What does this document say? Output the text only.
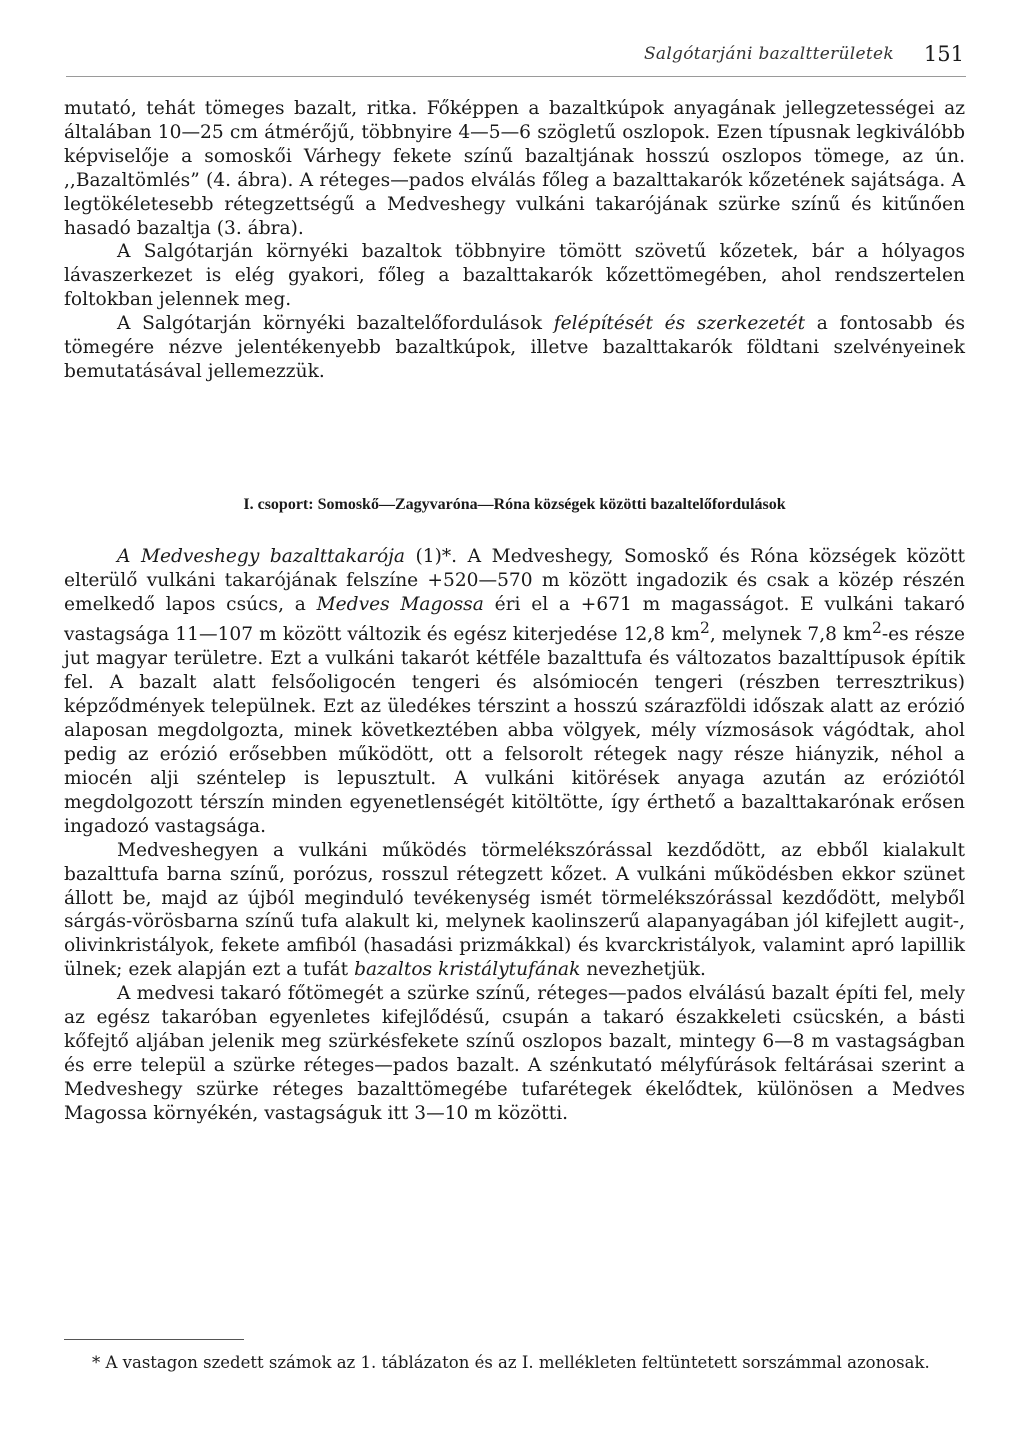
Salgótarjáni bazaltterületek 151

mutató, tehát tömeges bazalt, ritka. Főképpen a bazaltkúpok anyagának jellegzetességei az általában 10—25 cm átmérőjű, többnyire 4—5—6 szögletű oszlopok. Ezen típusnak legkiválóbb képviselője a somoskői Várhegy fekete színű bazaltjának hosszú oszlopos tömege, az ún. ,,Bazaltömlés” (4. ábra). A réteges—pados elválás főleg a bazalttakarók kőzetének sajátsága. A legtökéletesebb rétegzettségű a Medveshegy vulkáni takarójának szürke színű és kitűnően hasadó bazaltja (3. ábra).

A Salgótarján környéki bazaltok többnyire tömött szövetű kőzetek, bár a hólyagos lávaszerkezet is elég gyakori, főleg a bazalttakarók kőzettömegében, ahol rendszertelen foltokban jelennek meg.

A Salgótarján környéki bazaltelőfordulások felépítését és szerkezetét a fontosabb és tömegére nézve jelentékenyebb bazaltkúpok, illetve bazalttakarók földtani szelvényeinek bemutatásával jellemezzük.

I. csoport: Somoskő—Zagyvaróna—Róna községek közötti bazaltelőfordulások

A Medveshegy bazalttakarója (1)*. A Medveshegy, Somoskő és Róna községek között elterülő vulkáni takarójának felszíne +520—570 m között ingadozik és csak a közép részén emelkedő lapos csúcs, a Medves Magossa éri el a +671 m magasságot. E vulkáni takaró vastagsága 11—107 m között változik és egész kiterjedése 12,8 $km^2$, melynek 7,8 $km^2-es$ része jut magyar területre. Ezt a vulkáni takarót kétféle bazalttufa és változatos bazalttípusok építik fel. A bazalt alatt felsőoligocén tengeri és alsómiocén tengeri (részben terresztrikus) képződmények települnek. Ezt az üledékes térszint a hosszú szárazföldi időszak alatt az erózió alaposan megdolgozta, minek következtében abba völgyek, mély vízmosások vágódtak, ahol pedig az erózió erősebben működött, ott a felsorolt rétegek nagy része hiányzik, néhol a miocén alji széntelep is lepusztult. A vulkáni kitörések anyaga azután az eróziótól megdolgozott térszín minden egyenetlenségét kitöltötte, így érthető a bazalttakarónak erősen ingadozó vastagsága.

Medveshegyen a vulkáni működés törmelékszórással kezdődött, az ebből kialakult bazalttufa barna színű, porózus, rosszul rétegzett kőzet. A vulkáni működésben ekkor szünet állott be, majd az újból meginduló tevékenység ismét törmelékszórással kezdődött, melyből sárgás-vörösbarna színű tufa alakult ki, melynek kaolinszerű alapanyagában jól kifejlett augit-, olivinkristályok, fekete amfiból (hasadási prizmákkal) és kvarckristályok, valamint apró lapillik ülnek; ezek alapján ezt a tufát bazaltos kristálytufának nevezhetjük.

A medvesi takaró főtömegét a szürke színű, réteges—pados elválású bazalt építi fel, mely az egész takaróban egyenletes kifejlődésű, csupán a takaró északkeleti csücskén, a básti kőfejtő aljában jelenik meg szürkésfekete színű oszlopos bazalt, mintegy 6—8 m vastagságban és erre települ a szürke réteges—pados bazalt. A szénkutató mélyfúrások feltárásai szerint a Medveshegy szürke réteges bazalttömegébe tufarétegek ékelődtek, különösen a Medves Magossa környékén, vastagságuk itt 3—10 m közötti.

* A vastagon szedett számok az 1. táblázaton és az I. mellékleten feltüntetett sorszámmal azonosak.
